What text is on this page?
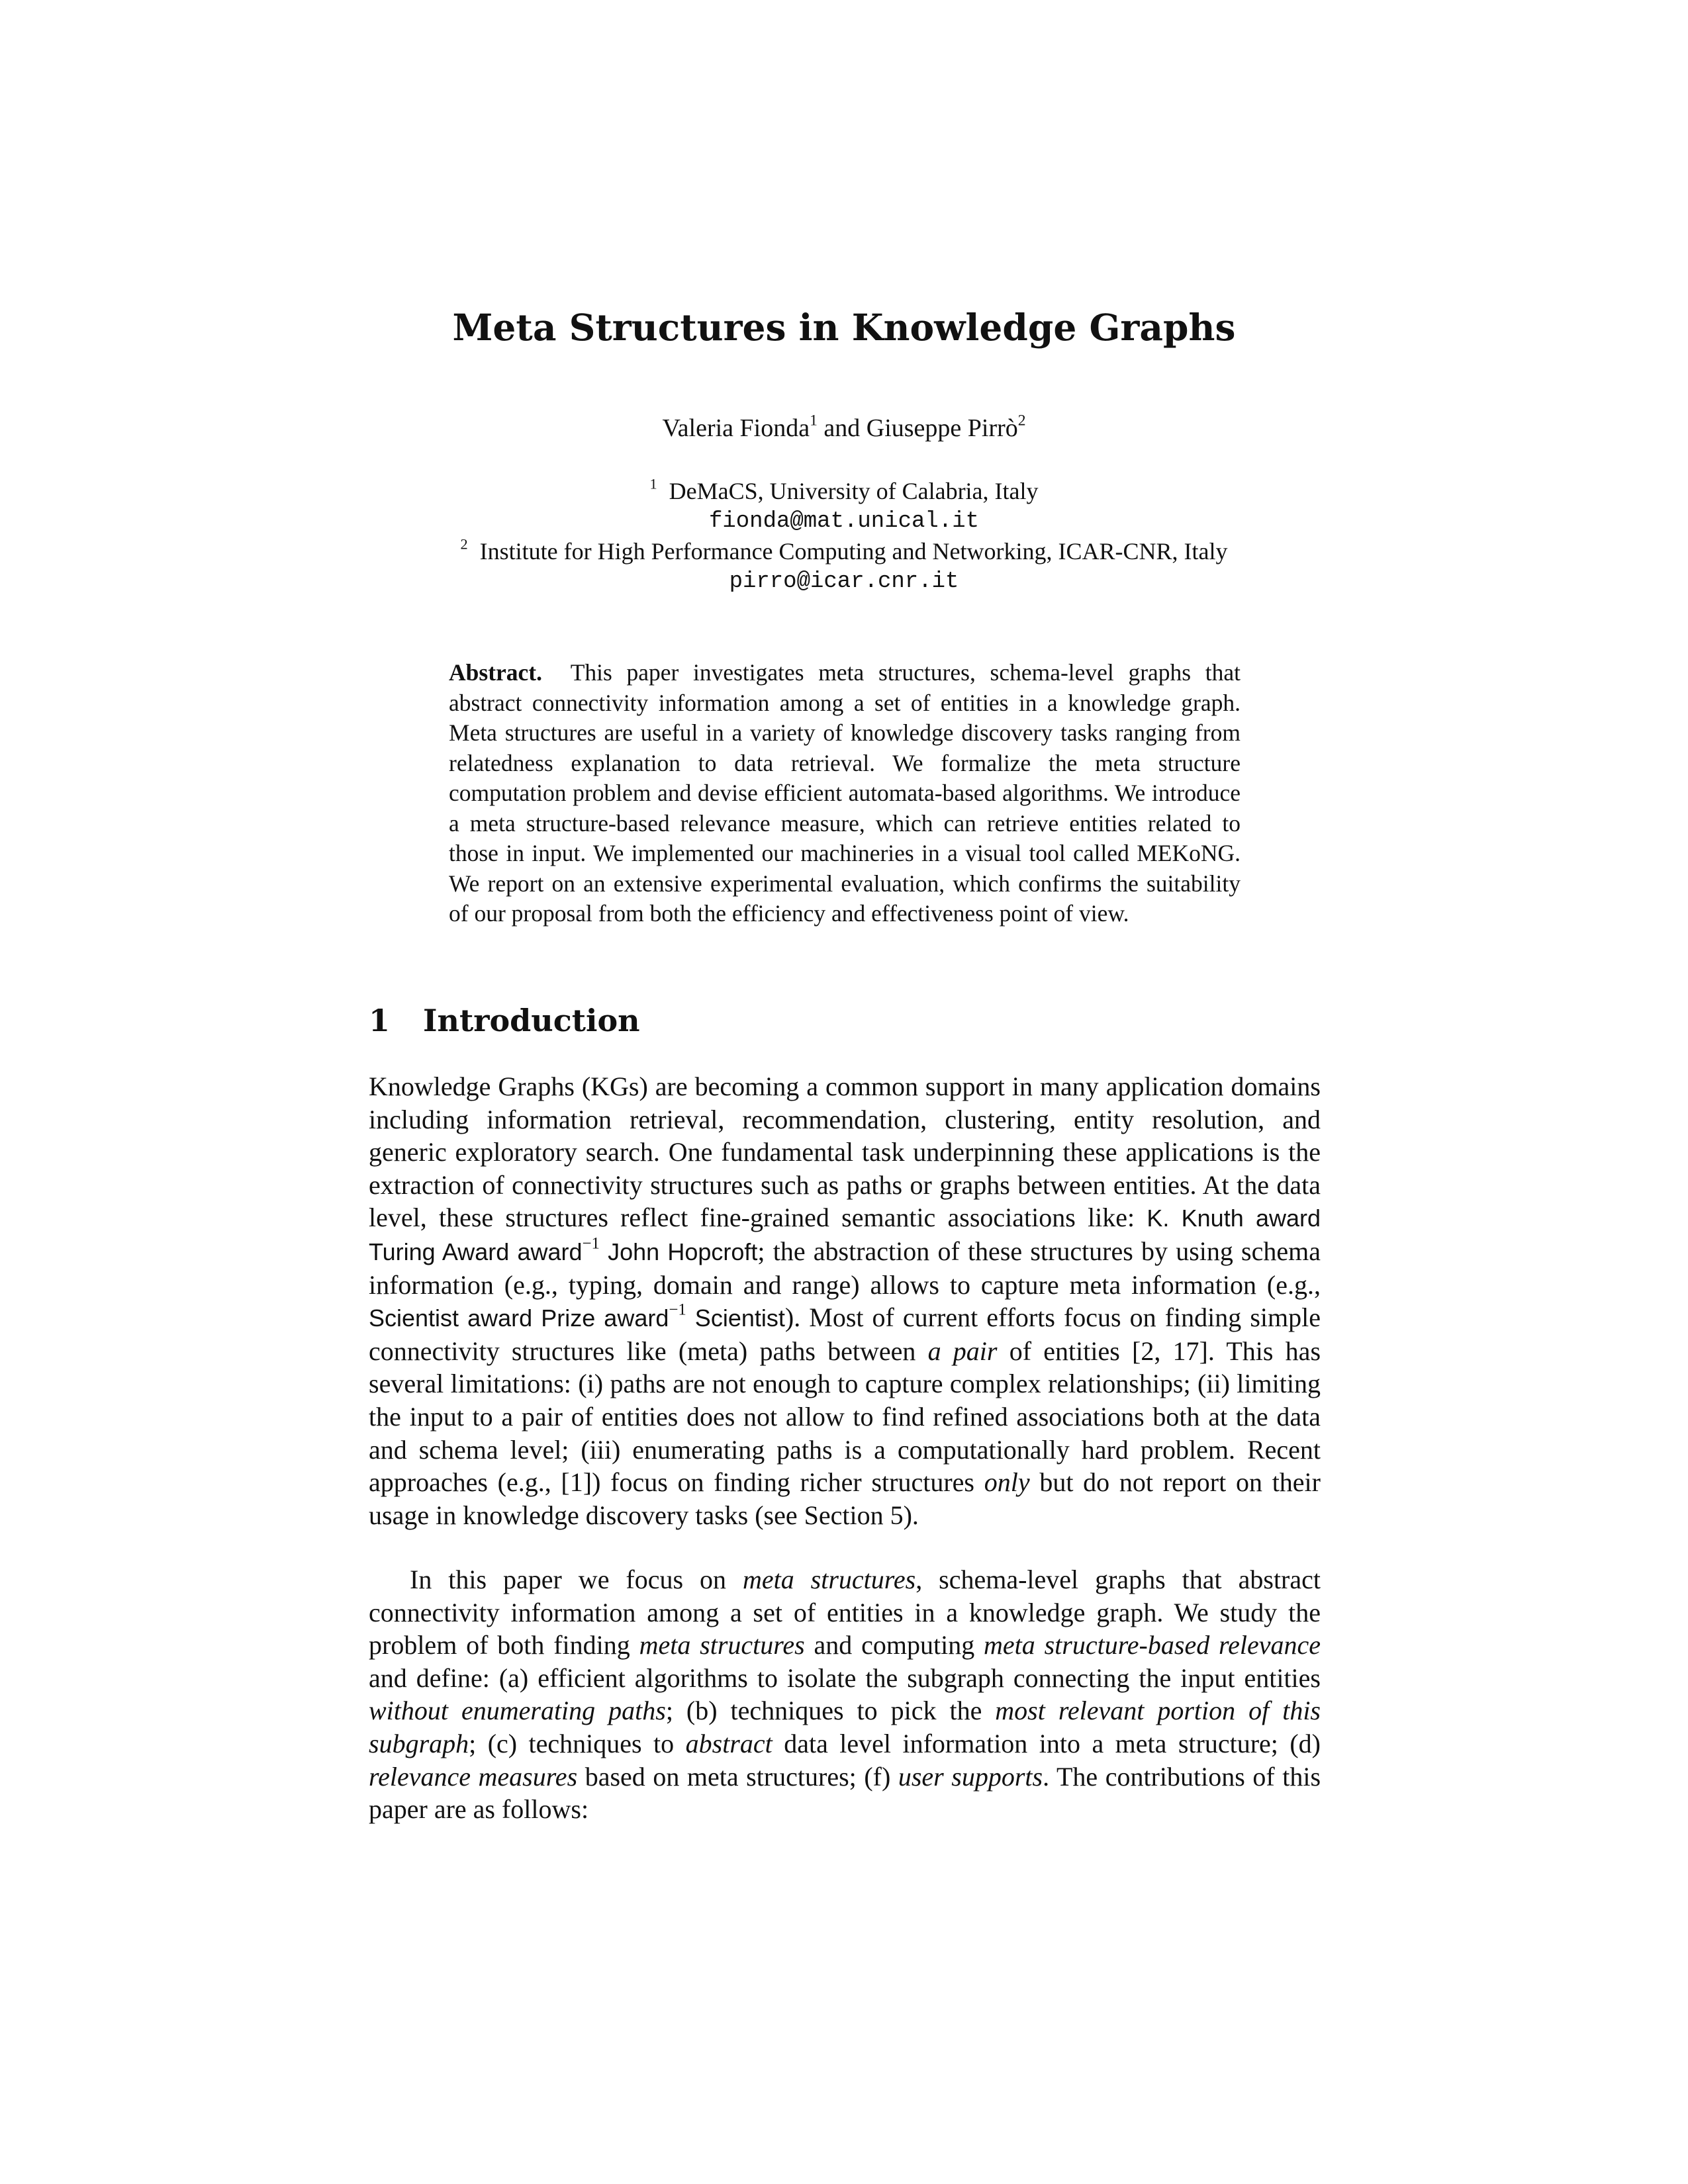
Meta Structures in Knowledge Graphs
Valeria Fionda$^1$ and Giuseppe Pirrò$^2$
$^1$ DeMaCS, University of Calabria, Italy
fionda@mat.unical.it
$^2$ Institute for High Performance Computing and Networking, ICAR-CNR, Italy
pirro@icar.cnr.it
Abstract. This paper investigates meta structures, schema-level graphs that abstract connectivity information among a set of entities in a knowledge graph. Meta structures are useful in a variety of knowledge discovery tasks ranging from relatedness explanation to data retrieval. We formalize the meta structure computation problem and devise efficient automata-based algorithms. We introduce a meta structure-based relevance measure, which can retrieve entities related to those in input. We implemented our machineries in a visual tool called MEKoNG. We report on an extensive experimental evaluation, which confirms the suitability of our proposal from both the efficiency and effectiveness point of view.
1 Introduction

Knowledge Graphs (KGs) are becoming a common support in many application domains including information retrieval, recommendation, clustering, entity resolution, and generic exploratory search. One fundamental task underpinning these applications is the extraction of connectivity structures such as paths or graphs between entities. At the data level, these structures reflect fine-grained semantic associations like: K. Knuth award Turing Award award$^{-1}$ John Hopcroft; the abstraction of these structures by using schema information (e.g., typing, domain and range) allows to capture meta information (e.g., Scientist award Prize award$^{-1}$ Scientist). Most of current efforts focus on finding simple connectivity structures like (meta) paths between a pair of entities [2, 17]. This has several limitations: (i) paths are not enough to capture complex relationships; (ii) limiting the input to a pair of entities does not allow to find refined associations both at the data and schema level; (iii) enumerating paths is a computationally hard problem. Recent approaches (e.g., [1]) focus on finding richer structures only but do not report on their usage in knowledge discovery tasks (see Section 5).

In this paper we focus on meta structures, schema-level graphs that abstract connectivity information among a set of entities in a knowledge graph. We study the problem of both finding meta structures and computing meta structure-based relevance and define: (a) efficient algorithms to isolate the subgraph connecting the input entities without enumerating paths; (b) techniques to pick the most relevant portion of this subgraph; (c) techniques to abstract data level information into a meta structure; (d) relevance measures based on meta structures; (f) user supports. The contributions of this paper are as follows:
